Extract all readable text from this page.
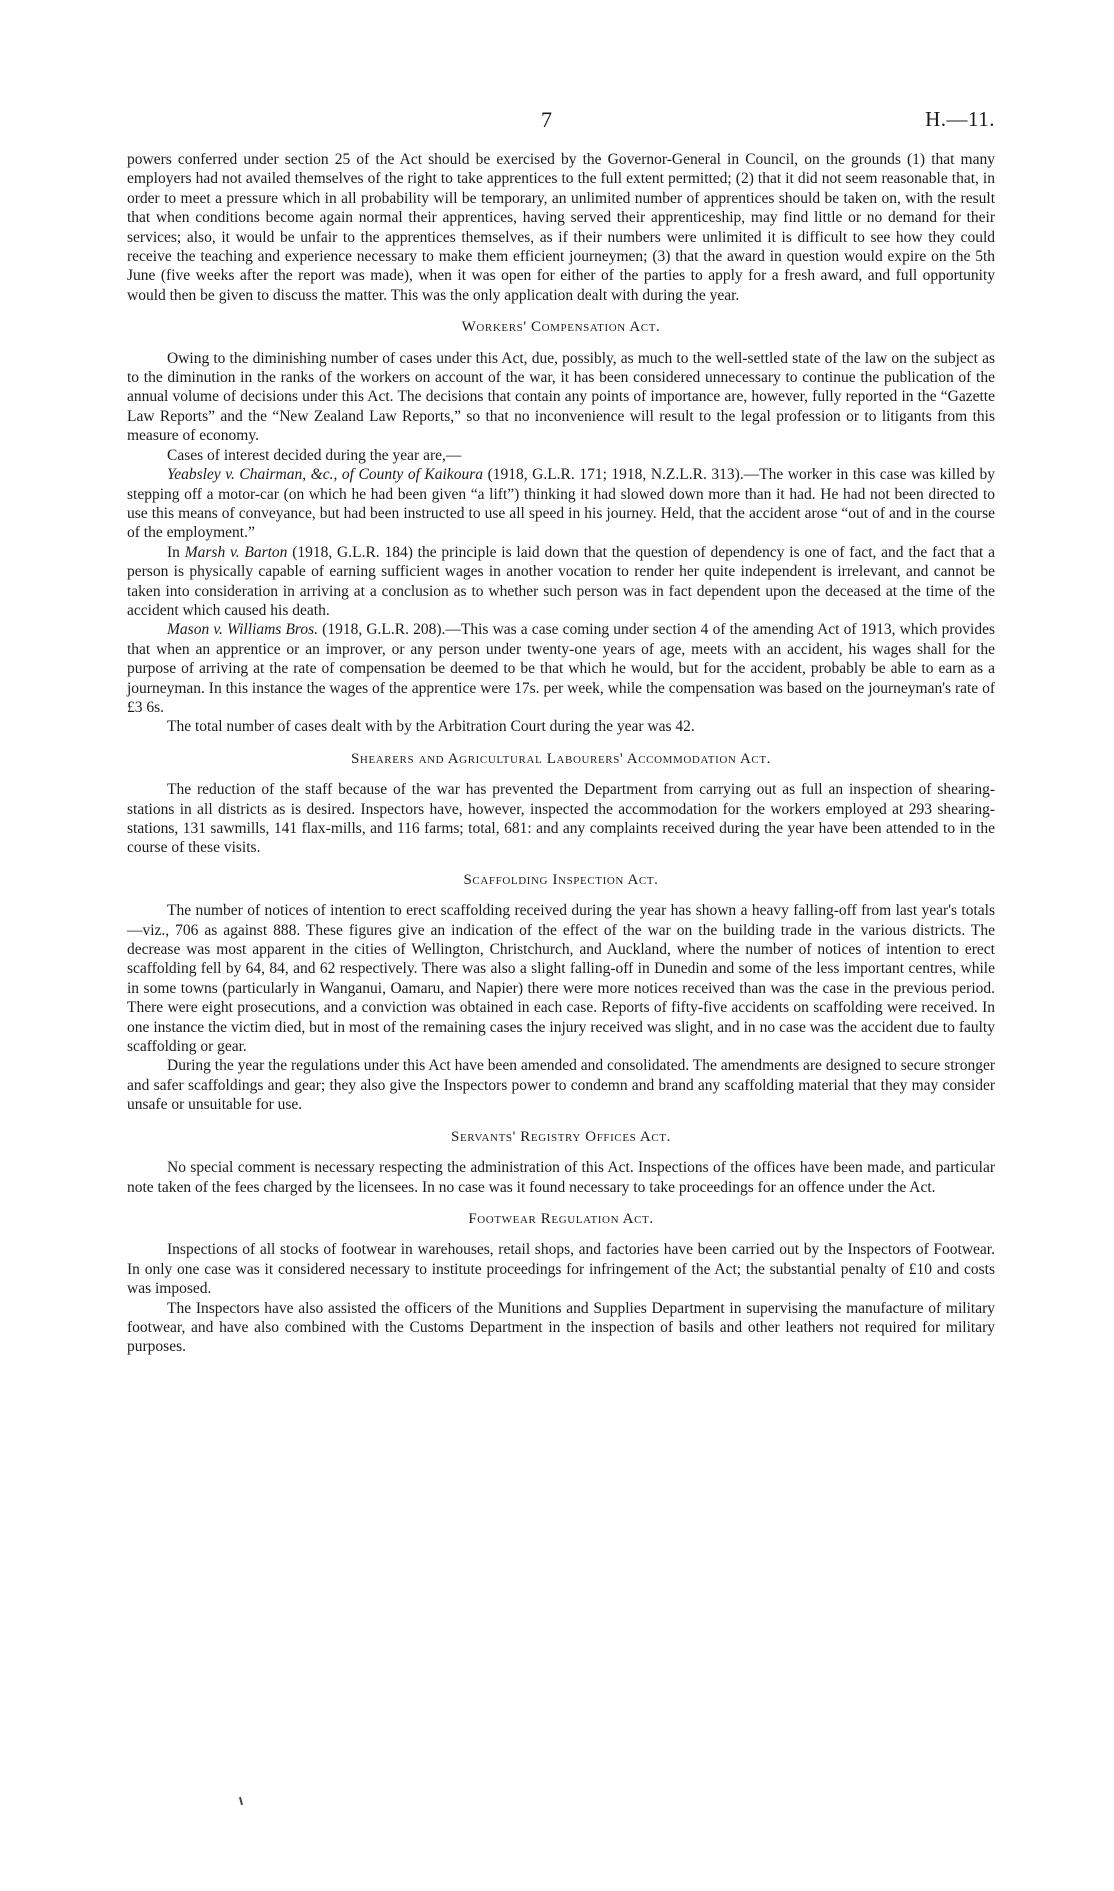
7	H.—11.

powers conferred under section 25 of the Act should be exercised by the Governor-General in Council, on the grounds (1) that many employers had not availed themselves of the right to take apprentices to the full extent permitted; (2) that it did not seem reasonable that, in order to meet a pressure which in all probability will be temporary, an unlimited number of apprentices should be taken on, with the result that when conditions become again normal their apprentices, having served their apprenticeship, may find little or no demand for their services; also, it would be unfair to the apprentices themselves, as if their numbers were unlimited it is difficult to see how they could receive the teaching and experience necessary to make them efficient journeymen; (3) that the award in question would expire on the 5th June (five weeks after the report was made), when it was open for either of the parties to apply for a fresh award, and full opportunity would then be given to discuss the matter. This was the only application dealt with during the year.

Workers' Compensation Act.

Owing to the diminishing number of cases under this Act, due, possibly, as much to the well-settled state of the law on the subject as to the diminution in the ranks of the workers on account of the war, it has been considered unnecessary to continue the publication of the annual volume of decisions under this Act. The decisions that contain any points of importance are, however, fully reported in the “Gazette Law Reports” and the “New Zealand Law Reports,” so that no inconvenience will result to the legal profession or to litigants from this measure of economy.

Cases of interest decided during the year are,—

Yeabsley v. Chairman, &c., of County of Kaikoura (1918, G.L.R. 171; 1918, N.Z.L.R. 313).—The worker in this case was killed by stepping off a motor-car (on which he had been given “a lift”) thinking it had slowed down more than it had. He had not been directed to use this means of conveyance, but had been instructed to use all speed in his journey. Held, that the accident arose “out of and in the course of the employment.”

In Marsh v. Barton (1918, G.L.R. 184) the principle is laid down that the question of dependency is one of fact, and the fact that a person is physically capable of earning sufficient wages in another vocation to render her quite independent is irrelevant, and cannot be taken into consideration in arriving at a conclusion as to whether such person was in fact dependent upon the deceased at the time of the accident which caused his death.

Mason v. Williams Bros. (1918, G.L.R. 208).—This was a case coming under section 4 of the amending Act of 1913, which provides that when an apprentice or an improver, or any person under twenty-one years of age, meets with an accident, his wages shall for the purpose of arriving at the rate of compensation be deemed to be that which he would, but for the accident, probably be able to earn as a journeyman. In this instance the wages of the apprentice were 17s. per week, while the compensation was based on the journeyman's rate of £3 6s.

The total number of cases dealt with by the Arbitration Court during the year was 42.

Shearers and Agricultural Labourers' Accommodation Act.

The reduction of the staff because of the war has prevented the Department from carrying out as full an inspection of shearing-stations in all districts as is desired. Inspectors have, however, inspected the accommodation for the workers employed at 293 shearing-stations, 131 sawmills, 141 flax-mills, and 116 farms; total, 681: and any complaints received during the year have been attended to in the course of these visits.

Scaffolding Inspection Act.

The number of notices of intention to erect scaffolding received during the year has shown a heavy falling-off from last year's totals—viz., 706 as against 888. These figures give an indication of the effect of the war on the building trade in the various districts. The decrease was most apparent in the cities of Wellington, Christchurch, and Auckland, where the number of notices of intention to erect scaffolding fell by 64, 84, and 62 respectively. There was also a slight falling-off in Dunedin and some of the less important centres, while in some towns (particularly in Wanganui, Oamaru, and Napier) there were more notices received than was the case in the previous period. There were eight prosecutions, and a conviction was obtained in each case. Reports of fifty-five accidents on scaffolding were received. In one instance the victim died, but in most of the remaining cases the injury received was slight, and in no case was the accident due to faulty scaffolding or gear.

During the year the regulations under this Act have been amended and consolidated. The amendments are designed to secure stronger and safer scaffoldings and gear; they also give the Inspectors power to condemn and brand any scaffolding material that they may consider unsafe or unsuitable for use.

Servants' Registry Offices Act.

No special comment is necessary respecting the administration of this Act. Inspections of the offices have been made, and particular note taken of the fees charged by the licensees. In no case was it found necessary to take proceedings for an offence under the Act.

Footwear Regulation Act.

Inspections of all stocks of footwear in warehouses, retail shops, and factories have been carried out by the Inspectors of Footwear. In only one case was it considered necessary to institute proceedings for infringement of the Act; the substantial penalty of £10 and costs was imposed.

The Inspectors have also assisted the officers of the Munitions and Supplies Department in supervising the manufacture of military footwear, and have also combined with the Customs Department in the inspection of basils and other leathers not required for military purposes.
